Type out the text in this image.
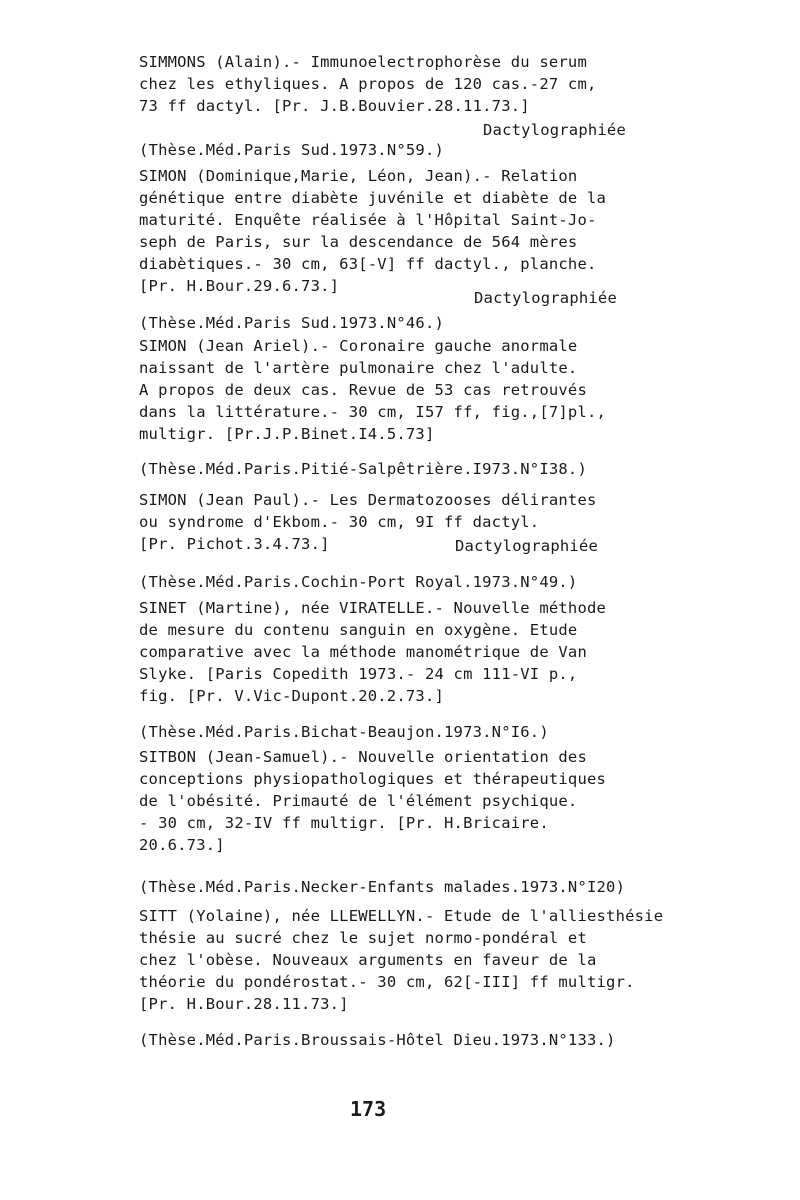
SIMMONS (Alain).- Immunoelectrophorèse du serum
chez les ethyliques. A propos de 120 cas.-27 cm,
73 ff dactyl. [Pr. J.B.Bouvier.28.11.73.]
Dactylographiée
(Thèse.Méd.Paris Sud.1973.N°59.)
SIMON (Dominique,Marie, Léon, Jean).- Relation
génétique entre diabète juvénile et diabète de la
maturité. Enquête réalisée à l'Hôpital Saint-Jo-
seph de Paris, sur la descendance de 564 mères
diabètiques.- 30 cm, 63[-V] ff dactyl., planche.
[Pr. H.Bour.29.6.73.]
Dactylographiée
(Thèse.Méd.Paris Sud.1973.N°46.)
SIMON (Jean Ariel).- Coronaire gauche anormale
naissant de l'artère pulmonaire chez l'adulte.
A propos de deux cas. Revue de 53 cas retrouvés
dans la littérature.- 30 cm, I57 ff, fig.,[7]pl.,
multigr. [Pr.J.P.Binet.I4.5.73]
(Thèse.Méd.Paris.Pitié-Salpêtrière.I973.N°I38.)
SIMON (Jean Paul).- Les Dermatozooses délirantes
ou syndrome d'Ekbom.- 30 cm, 9I ff dactyl.
[Pr. Pichot.3.4.73.]	Dactylographiée
(Thèse.Méd.Paris.Cochin-Port Royal.1973.N°49.)
SINET (Martine), née VIRATELLE.- Nouvelle méthode
de mesure du contenu sanguin en oxygène. Etude
comparative avec la méthode manométrique de Van
Slyke. [Paris Copedith 1973.- 24 cm 111-VI p.,
fig. [Pr. V.Vic-Dupont.20.2.73.]
(Thèse.Méd.Paris.Bichat-Beaujon.1973.N°I6.)
SITBON (Jean-Samuel).- Nouvelle orientation des
conceptions physiopathologiques et thérapeutiques
de l'obésité. Primauté de l'élément psychique.
- 30 cm, 32-IV ff multigr. [Pr. H.Bricaire.
20.6.73.]
(Thèse.Méd.Paris.Necker-Enfants malades.1973.N°I20)
SITT (Yolaine), née LLEWELLYN.- Etude de l'alliesthésie
thésie au sucré chez le sujet normo-pondéral et
chez l'obèse. Nouveaux arguments en faveur de la
théorie du pondérostat.- 30 cm, 62[-III] ff multigr.
[Pr. H.Bour.28.11.73.]
(Thèse.Méd.Paris.Broussais-Hôtel Dieu.1973.N°133.)
173
